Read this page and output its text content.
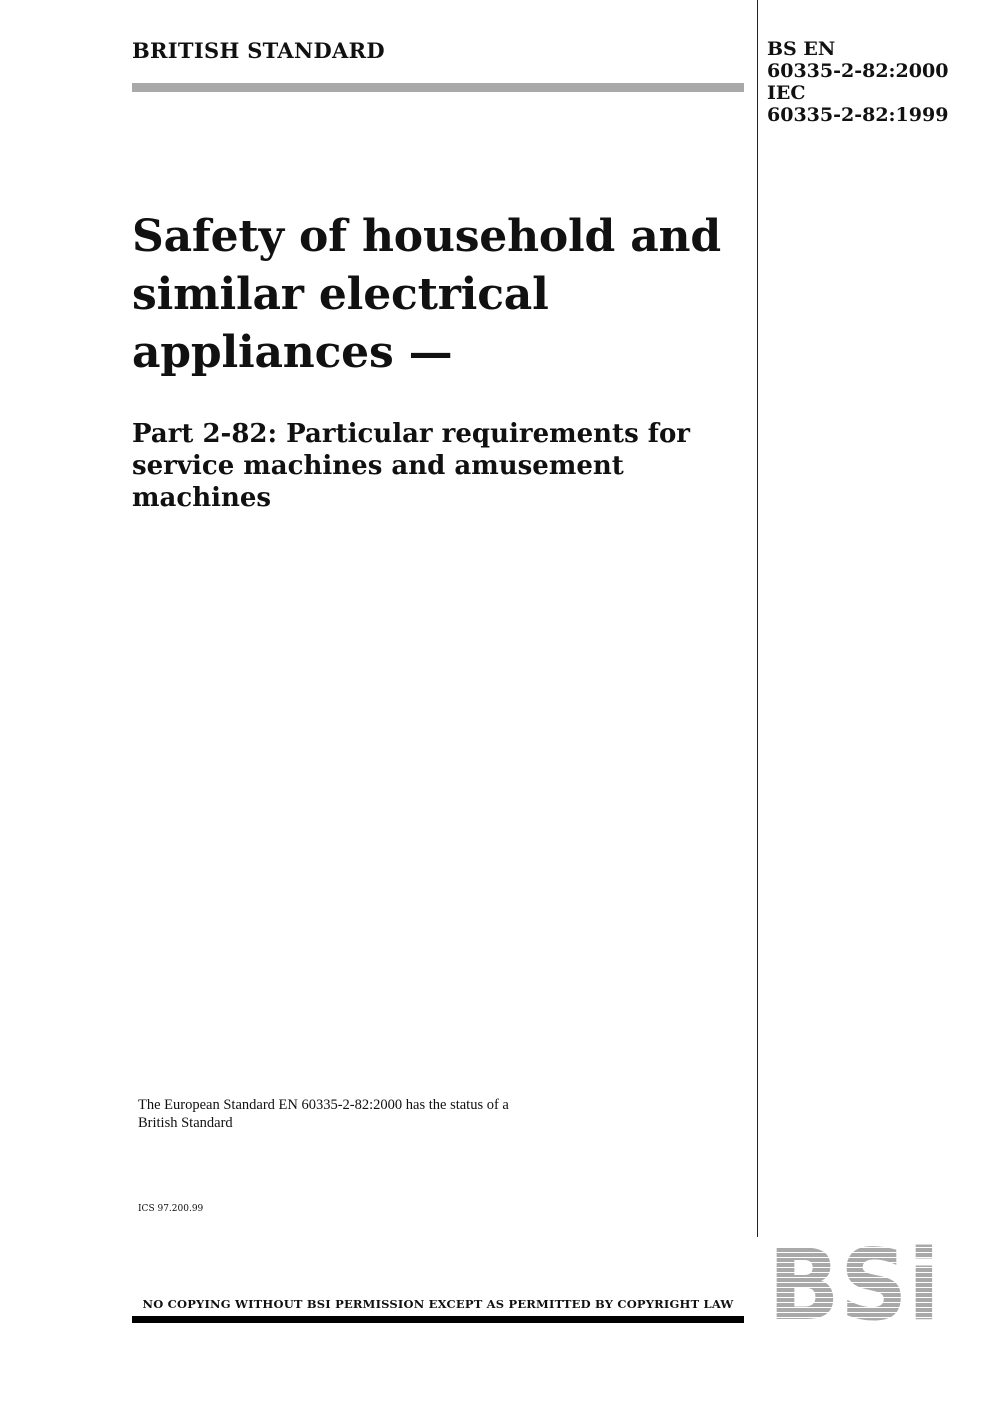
BRITISH STANDARD	BS EN
60335-2-82:2000
IEC
60335-2-82:1999
Safety of household and
similar electrical
appliances —
Part 2-82: Particular requirements for
service machines and amusement
machines
The European Standard EN 60335-2-82:2000 has the status of a
British Standard
ICS 97.200.99
NO COPYING WITHOUT BSI PERMISSION EXCEPT AS PERMITTED BY COPYRIGHT LAW
